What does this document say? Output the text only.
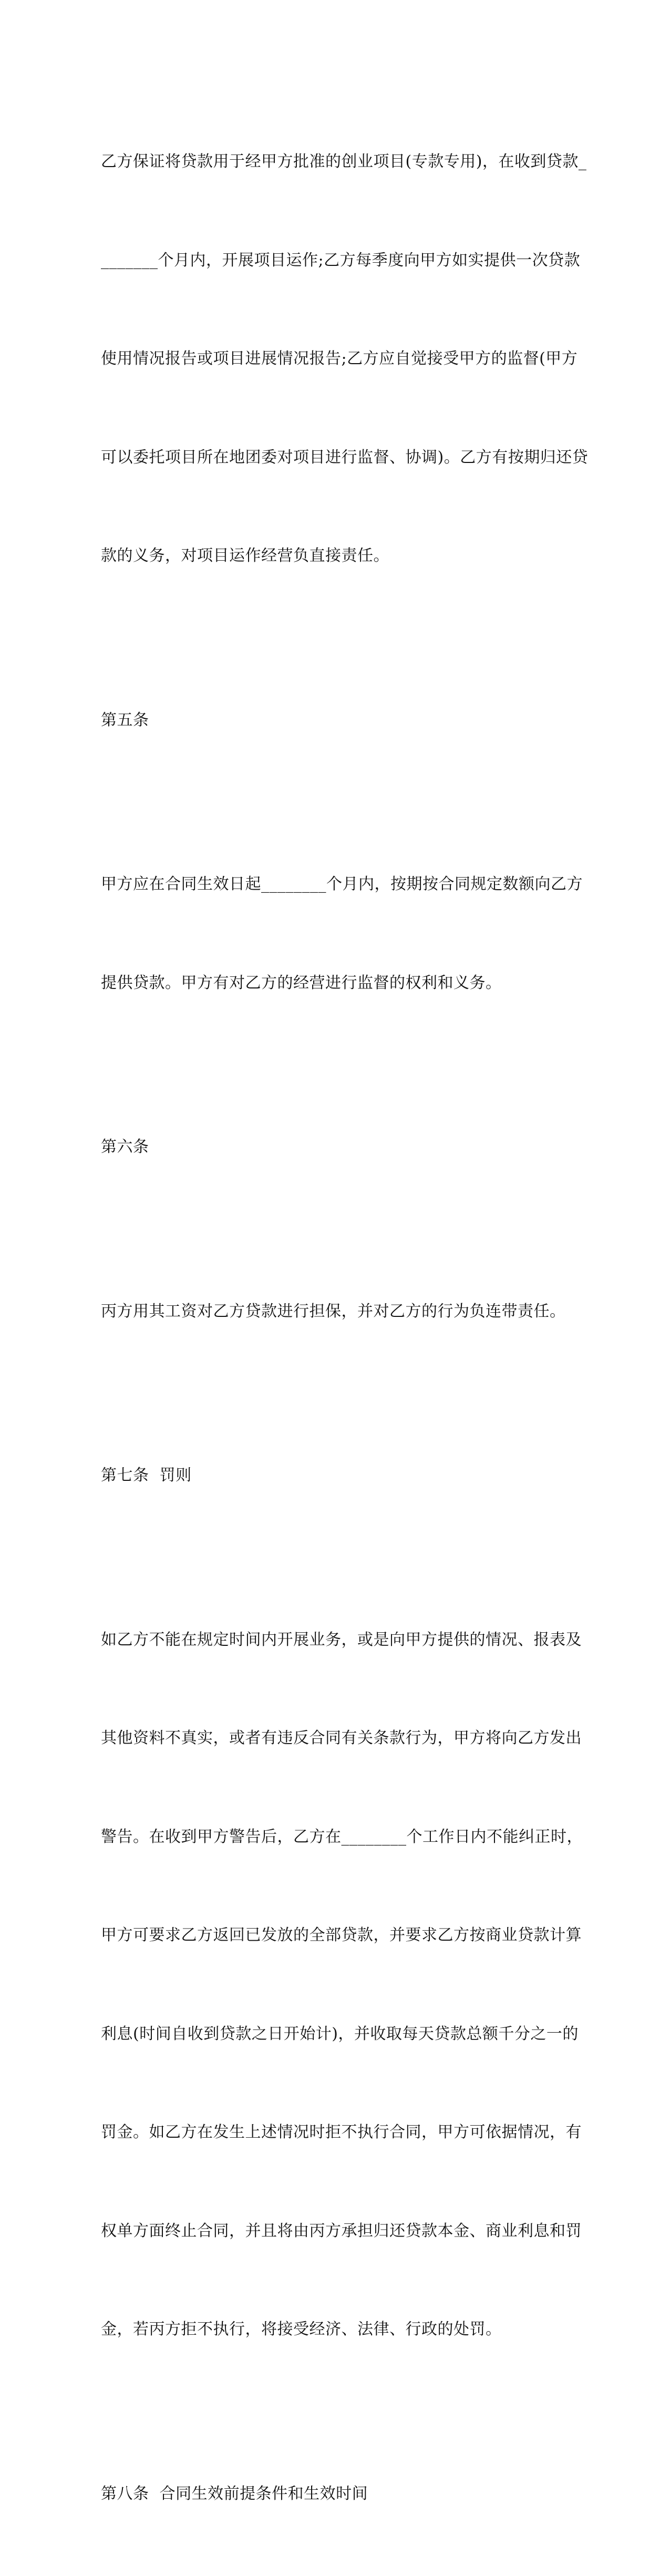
乙方保证将贷款用于经甲方批准的创业项目(专款专用)，在收到贷款_

_______个月内，开展项目运作;乙方每季度向甲方如实提供一次贷款

使用情况报告或项目进展情况报告;乙方应自觉接受甲方的监督(甲方

可以委托项目所在地团委对项目进行监督、协调)。乙方有按期归还贷

款的义务，对项目运作经营负直接责任。

第五条

甲方应在合同生效日起________个月内，按期按合同规定数额向乙方

提供贷款。甲方有对乙方的经营进行监督的权利和义务。

第六条

丙方用其工资对乙方贷款进行担保，并对乙方的行为负连带责任。

第七条  罚则

如乙方不能在规定时间内开展业务，或是向甲方提供的情况、报表及

其他资料不真实，或者有违反合同有关条款行为，甲方将向乙方发出

警告。在收到甲方警告后，乙方在________个工作日内不能纠正时，

甲方可要求乙方返回已发放的全部贷款，并要求乙方按商业贷款计算

利息(时间自收到贷款之日开始计)，并收取每天贷款总额千分之一的

罚金。如乙方在发生上述情况时拒不执行合同，甲方可依据情况，有

权单方面终止合同，并且将由丙方承担归还贷款本金、商业利息和罚

金，若丙方拒不执行，将接受经济、法律、行政的处罚。

第八条  合同生效前提条件和生效时间
